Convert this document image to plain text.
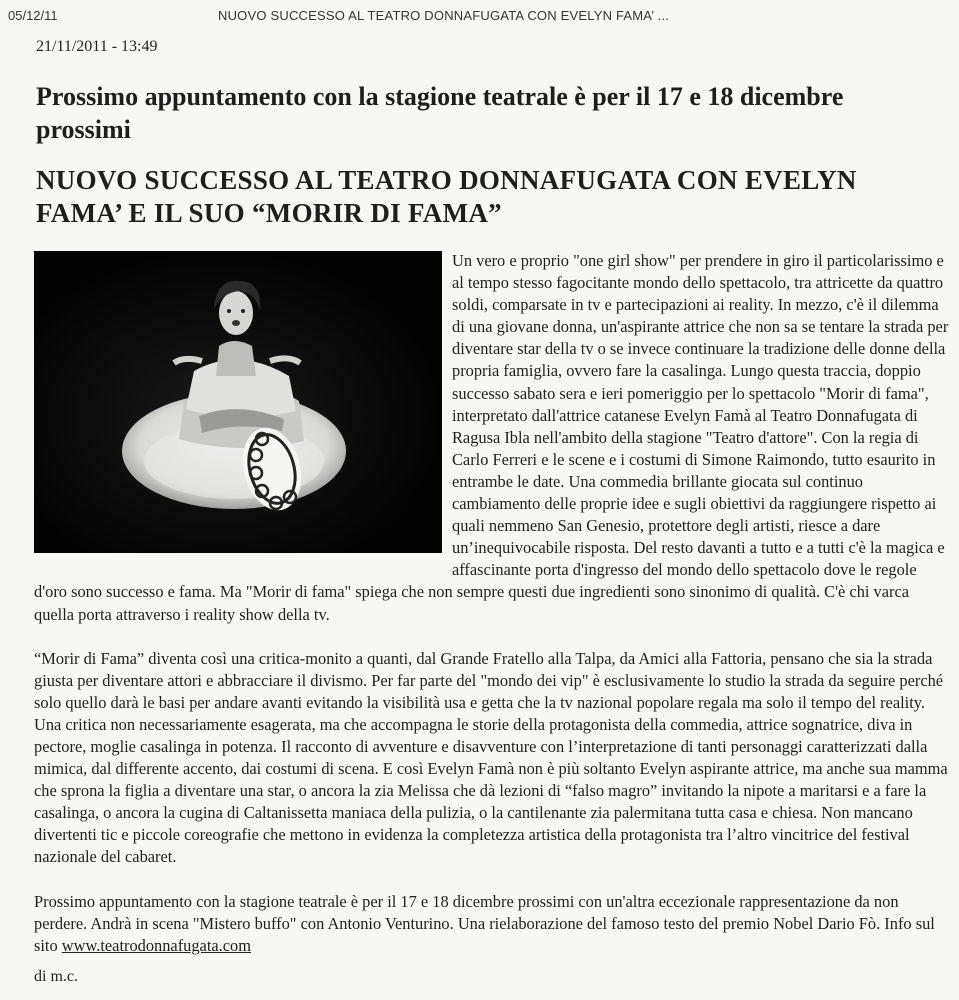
05/12/11	NUOVO SUCCESSO AL TEATRO DONNAFUGATA CON EVELYN FAMA’ ...
21/11/2011 - 13:49
Prossimo appuntamento con la stagione teatrale è per il 17 e 18 dicembre prossimi
NUOVO SUCCESSO AL TEATRO DONNAFUGATA CON EVELYN FAMA’ E IL SUO “MORIR DI FAMA”

Un vero e proprio "one girl show" per prendere in giro il particolarissimo e al tempo stesso fagocitante mondo dello spettacolo, tra attricette da quattro soldi, comparsate in tv e partecipazioni ai reality. In mezzo, c'è il dilemma di una giovane donna, un'aspirante attrice che non sa se tentare la strada per diventare star della tv o se invece continuare la tradizione delle donne della propria famiglia, ovvero fare la casalinga. Lungo questa traccia, doppio successo sabato sera e ieri pomeriggio per lo spettacolo "Morir di fama", interpretato dall'attrice catanese Evelyn Famà al Teatro Donnafugata di Ragusa Ibla nell'ambito della stagione "Teatro d'attore". Con la regia di Carlo Ferreri e le scene e i costumi di Simone Raimondo, tutto esaurito in entrambe le date. Una commedia brillante giocata sul continuo cambiamento delle proprie idee e sugli obiettivi da raggiungere rispetto ai quali nemmeno San Genesio, protettore degli artisti, riesce a dare un’inequivocabile risposta. Del resto davanti a tutto e a tutti c'è la magica e affascinante porta d'ingresso del mondo dello spettacolo dove le regole d'oro sono successo e fama. Ma "Morir di fama" spiega che non sempre questi due ingredienti sono sinonimo di qualità. C'è chi varca quella porta attraverso i reality show della tv.

“Morir di Fama” diventa così una critica-monito a quanti, dal Grande Fratello alla Talpa, da Amici alla Fattoria, pensano che sia la strada giusta per diventare attori e abbracciare il divismo. Per far parte del "mondo dei vip" è esclusivamente lo studio la strada da seguire perché solo quello darà le basi per andare avanti evitando la visibilità usa e getta che la tv nazional popolare regala ma solo il tempo del reality. Una critica non necessariamente esagerata, ma che accompagna le storie della protagonista della commedia, attrice sognatrice, diva in pectore, moglie casalinga in potenza. Il racconto di avventure e disavventure con l’interpretazione di tanti personaggi caratterizzati dalla mimica, dal differente accento, dai costumi di scena. E così Evelyn Famà non è più soltanto Evelyn aspirante attrice, ma anche sua mamma che sprona la figlia a diventare una star, o ancora la zia Melissa che dà lezioni di “falso magro” invitando la nipote a maritarsi e a fare la casalinga, o ancora la cugina di Caltanissetta maniaca della pulizia, o la cantilenante zia palermitana tutta casa e chiesa. Non mancano divertenti tic e piccole coreografie che mettono in evidenza la completezza artistica della protagonista tra l’altro vincitrice del festival nazionale del cabaret.

Prossimo appuntamento con la stagione teatrale è per il 17 e 18 dicembre prossimi con un'altra eccezionale rappresentazione da non perdere. Andrà in scena "Mistero buffo" con Antonio Venturino. Una rielaborazione del famoso testo del premio Nobel Dario Fò. Info sul sito www.teatrodonnafugata.com

di m.c.
